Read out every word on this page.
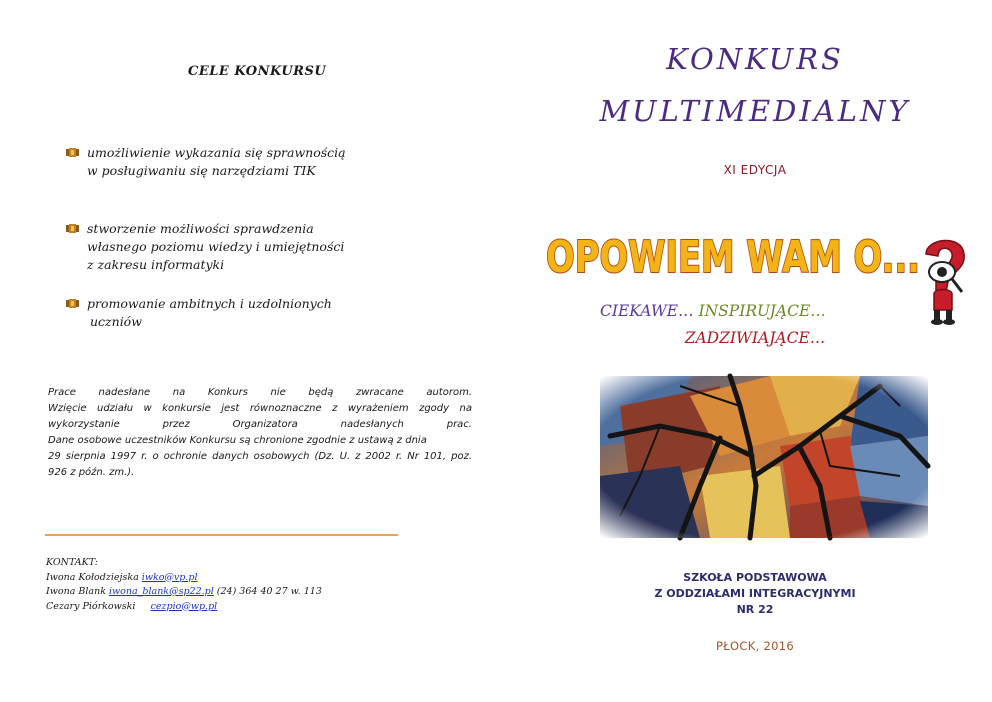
CELE KONKURSU
umożliwienie wykazania się sprawnością
w posługiwaniu się narzędziami TIK
stworzenie możliwości sprawdzenia
własnego poziomu wiedzy i umiejętności
z zakresu informatyki
promowanie ambitnych i uzdolnionych
uczniów
Prace nadesłane na Konkurs nie będą zwracane autorom.
Wzięcie udziału w konkursie jest równoznaczne z wyrażeniem zgody na
wykorzystanie przez Organizatora nadesłanych prac.
Dane osobowe uczestników Konkursu są chronione zgodnie z ustawą z dnia
29 sierpnia 1997 r. o ochronie danych osobowych (Dz. U. z 2002 r. Nr 101, poz.
926 z późn. zm.).
KONTAKT:
Iwona Kołodziejska iwko@vp.pl
Iwona Blank iwona_blank@sp22.pl (24) 364 40 27 w. 113
Cezary Piórkowski     cezpio@wp.pl
KONKURS
MULTIMEDIALNY
XI EDYCJA
OPOWIEM WAM O...
CIEKAWE… INSPIRUJĄCE…
ZADZIWIAJĄCE…
SZKOŁA PODSTAWOWA
Z ODDZIAŁAMI INTEGRACYJNYMI
NR 22
PŁOCK, 2016
